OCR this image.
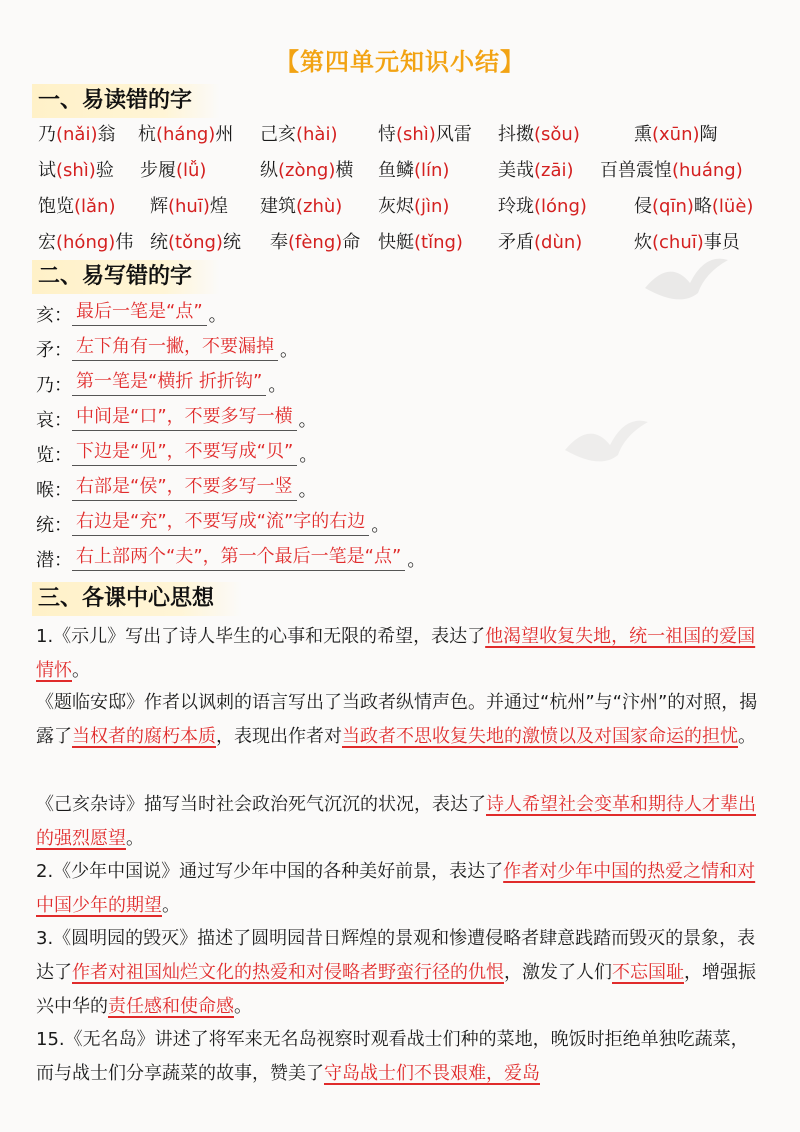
【第四单元知识小结】
一、易读错的字
乃(nǎi)翁 杭(háng)州 己亥(hài) 恃(shì)风雷 抖擞(sǒu)	熏(xūn)陶
试(shì)验 步履(lǚ)	纵(zòng)横 鱼鳞(lín)	美哉(zāi) 百兽震惶(huáng)
饱览(lǎn) 辉(huī)煌 建筑(zhù) 灰烬(jìn)	玲珑(lóng)	侵(qīn)略(lüè)
宏(hóng)伟 统(tǒng)统 奉(fèng)命 快艇(tǐng) 矛盾(dùn)	炊(chuī)事员
二、易写错的字
亥： 最后一笔是“点” 。
矛： 左下角有一撇，不要漏掉 。
乃： 第一笔是“横折 折折钩” 。
哀： 中间是“口”，不要多写一横 。
览： 下边是“见”，不要写成“贝” 。
喉： 右部是“侯”，不要多写一竖 。
统： 右边是“充”，不要写成“流”字的右边 。
潜： 右上部两个“夫”，第一个最后一笔是“点” 。
三、各课中心思想
1.《示儿》写出了诗人毕生的心事和无限的希望，表达了他渴望收复失地，统一祖国的爱国情怀。
《题临安邸》作者以讽刺的语言写出了当政者纵情声色。并通过“杭州”与“汴州”的对照，揭露了当权者的腐朽本质，表现出作者对当政者不思收复失地的激愤以及对国家命运的担忧。
《己亥杂诗》描写当时社会政治死气沉沉的状况，表达了诗人希望社会变革和期待人才辈出的强烈愿望。
2.《少年中国说》通过写少年中国的各种美好前景，表达了作者对少年中国的热爱之情和对中国少年的期望。
3.《圆明园的毁灭》描述了圆明园昔日辉煌的景观和惨遭侵略者肆意践踏而毁灭的景象，表达了作者对祖国灿烂文化的热爱和对侵略者野蛮行径的仇恨，激发了人们不忘国耻，增强振兴中华的责任感和使命感。
15.《无名岛》讲述了将军来无名岛视察时观看战士们种的菜地，晚饭时拒绝单独吃蔬菜，而与战士们分享蔬菜的故事，赞美了守岛战士们不畏艰难，爱岛
